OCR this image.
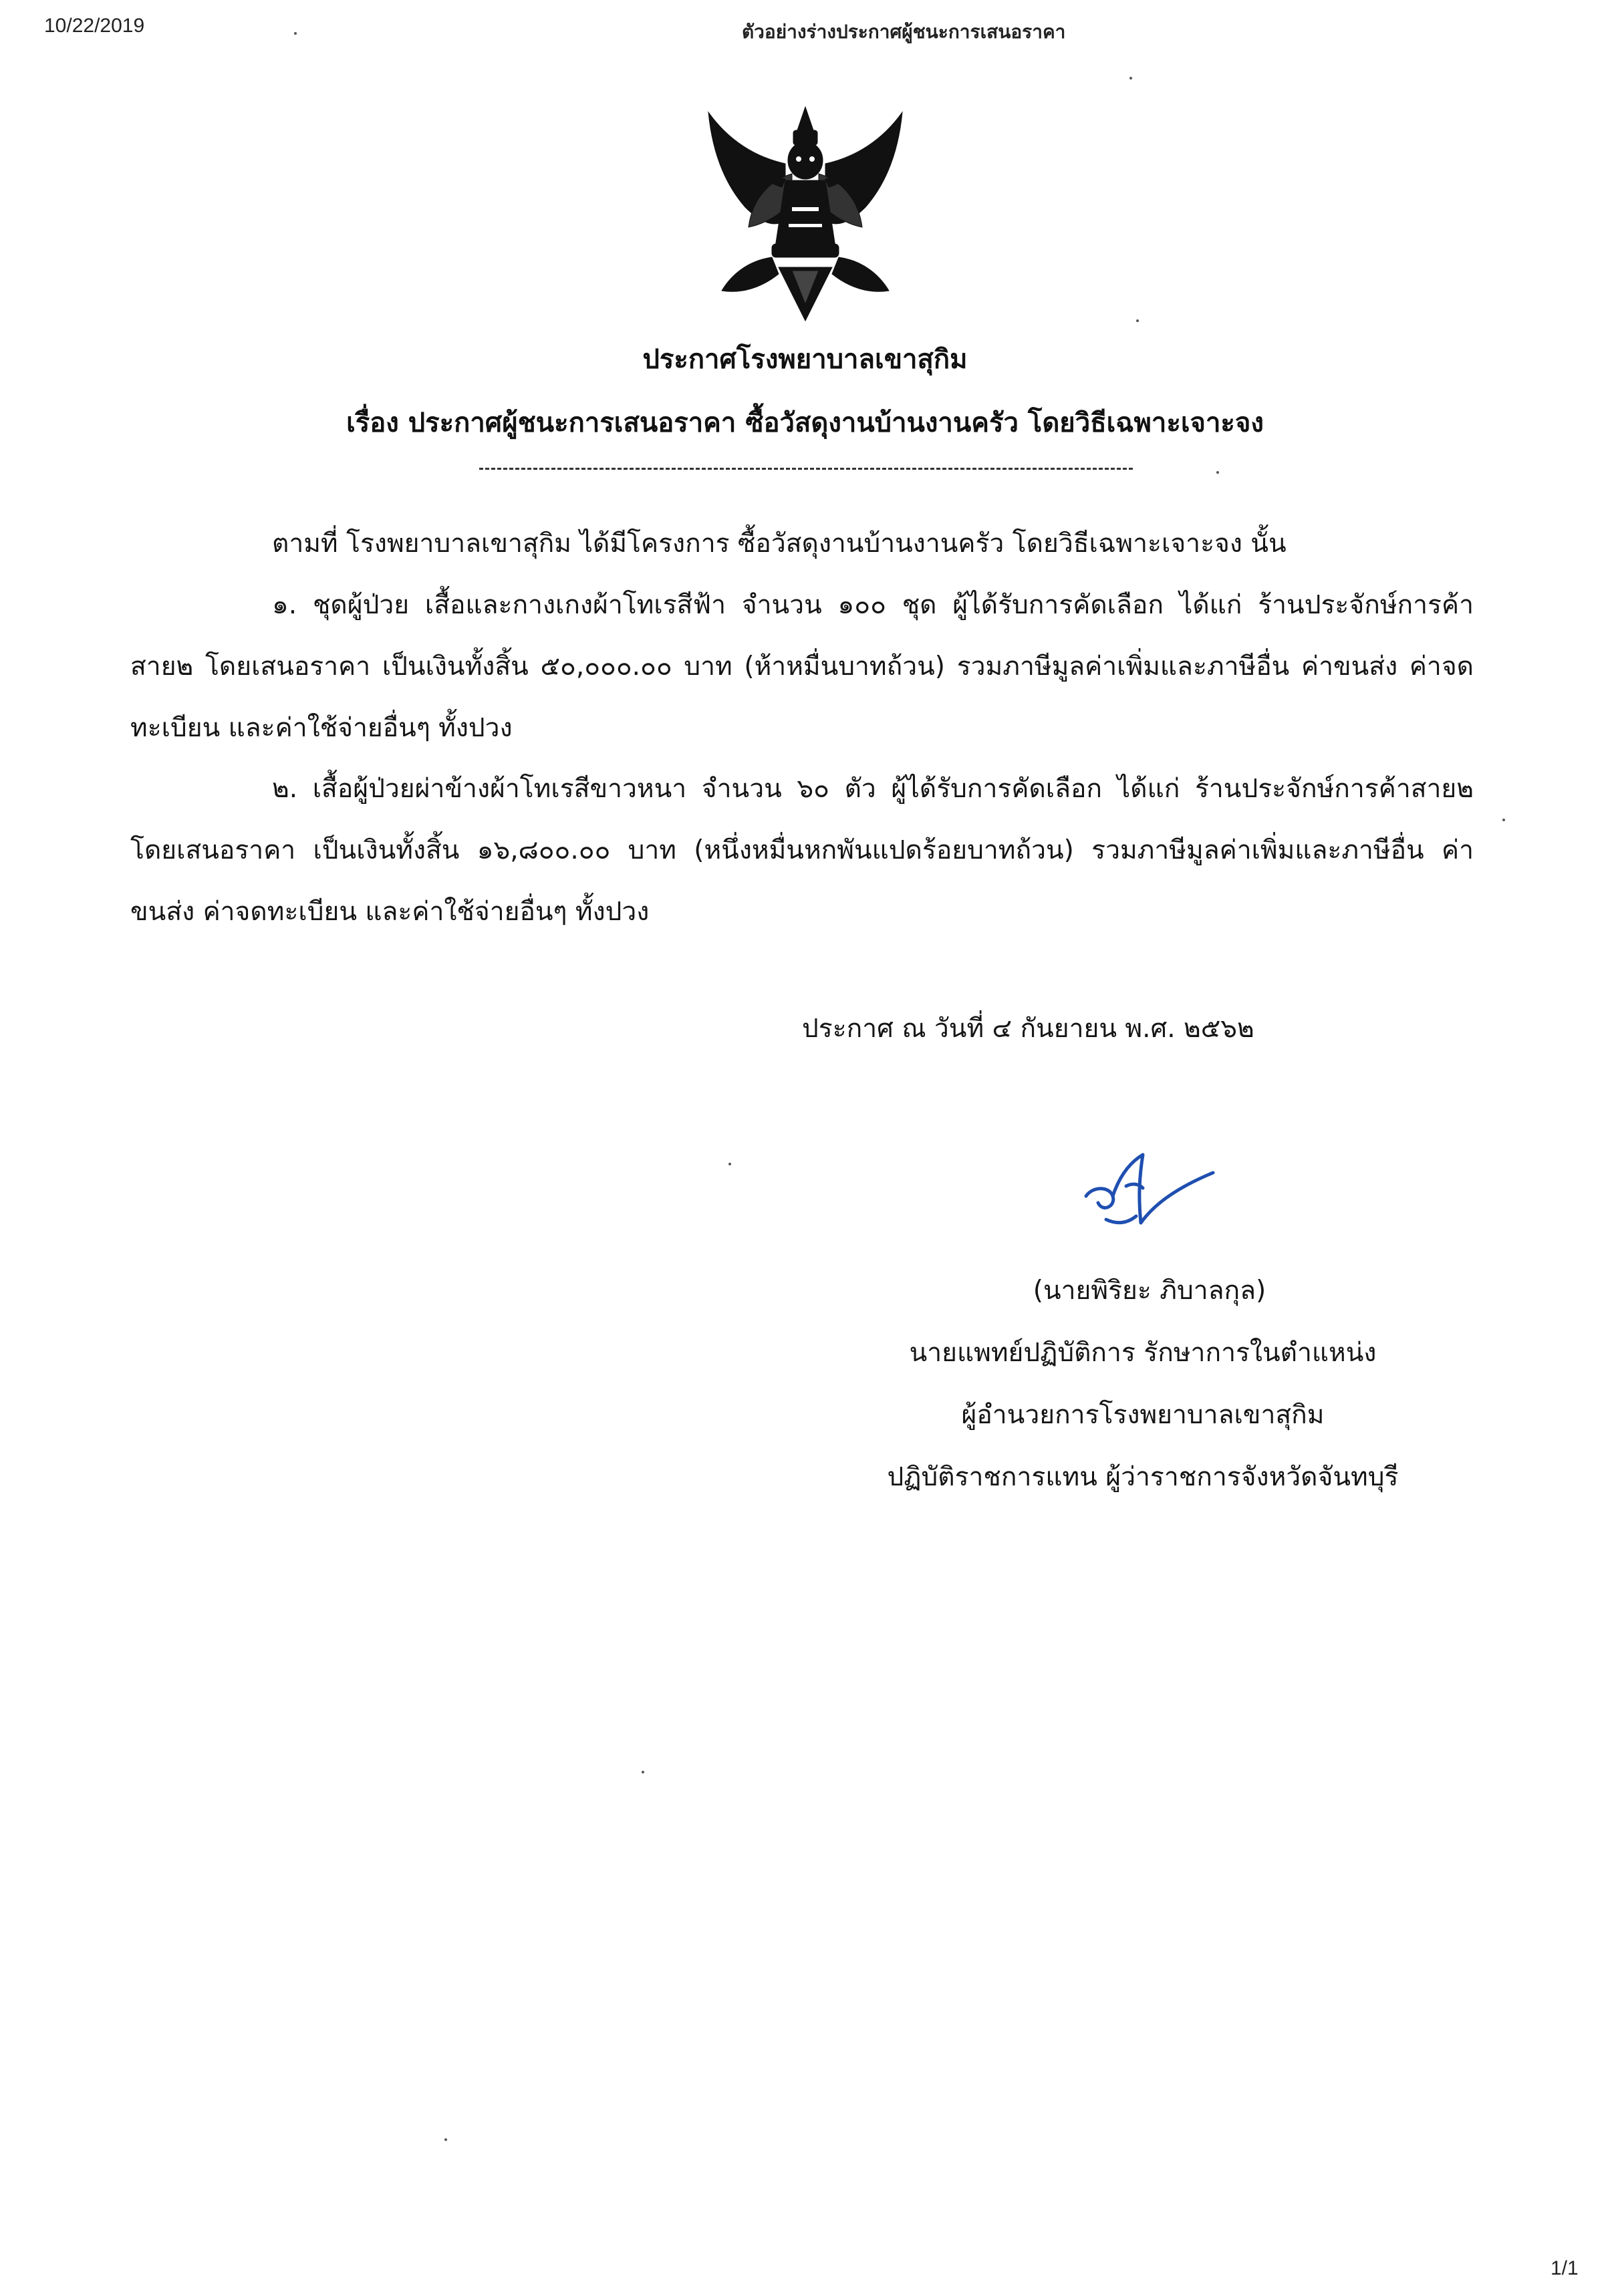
10/22/2019	ตัวอย่างร่างประกาศผู้ชนะการเสนอราคา
ประกาศโรงพยาบาลเขาสุกิม
เรื่อง ประกาศผู้ชนะการเสนอราคา ซื้อวัสดุงานบ้านงานครัว โดยวิธีเฉพาะเจาะจง
ตามที่ โรงพยาบาลเขาสุกิม ได้มีโครงการ ซื้อวัสดุงานบ้านงานครัว โดยวิธีเฉพาะเจาะจง นั้น
๑. ชุดผู้ป่วย เสื้อและกางเกงผ้าโทเรสีฟ้า จำนวน ๑๐๐ ชุด ผู้ได้รับการคัดเลือก ได้แก่ ร้านประจักษ์การค้าสาย๒ โดยเสนอราคา เป็นเงินทั้งสิ้น ๕๐,๐๐๐.๐๐ บาท (ห้าหมื่นบาทถ้วน) รวมภาษีมูลค่าเพิ่มและภาษีอื่น ค่าขนส่ง ค่าจดทะเบียน และค่าใช้จ่ายอื่นๆ ทั้งปวง
๒. เสื้อผู้ป่วยผ่าข้างผ้าโทเรสีขาวหนา จำนวน ๖๐ ตัว ผู้ได้รับการคัดเลือก ได้แก่ ร้านประจักษ์การค้าสาย๒ โดยเสนอราคา เป็นเงินทั้งสิ้น ๑๖,๘๐๐.๐๐ บาท (หนึ่งหมื่นหกพันแปดร้อยบาทถ้วน) รวมภาษีมูลค่าเพิ่มและภาษีอื่น ค่าขนส่ง ค่าจดทะเบียน และค่าใช้จ่ายอื่นๆ ทั้งปวง
ประกาศ ณ วันที่ ๔ กันยายน พ.ศ. ๒๕๖๒
(นายพิริยะ ภิบาลกุล)
นายแพทย์ปฏิบัติการ รักษาการในตำแหน่ง
ผู้อำนวยการโรงพยาบาลเขาสุกิม
ปฏิบัติราชการแทน ผู้ว่าราชการจังหวัดจันทบุรี
1/1
